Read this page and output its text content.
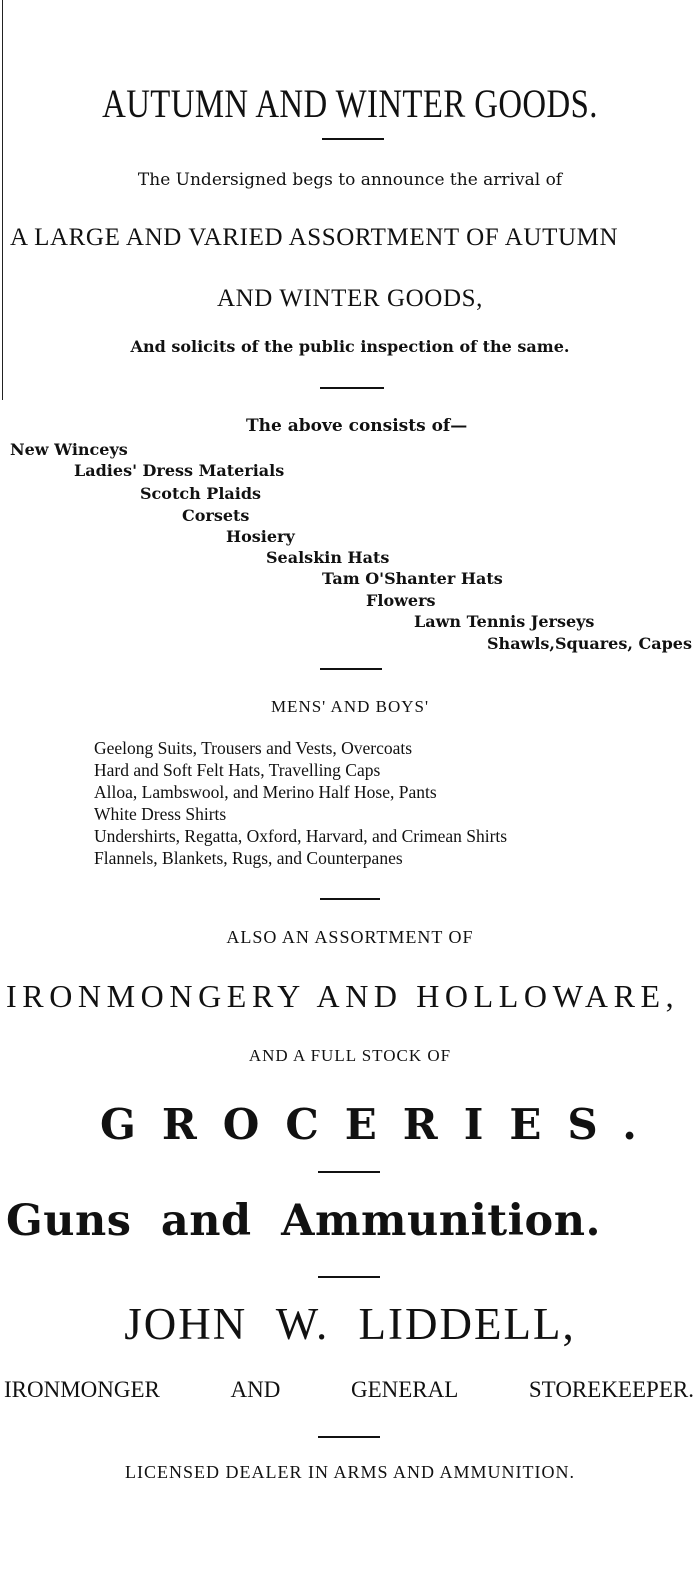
AUTUMN AND WINTER GOODS.
The Undersigned begs to announce the arrival of
A LARGE AND VARIED ASSORTMENT OF AUTUMN
AND WINTER GOODS,
And solicits of the public inspection of the same.
The above consists of—
New Winceys
Ladies' Dress Materials
Scotch Plaids
Corsets
Hosiery
Sealskin Hats
Tam O'Shanter Hats
Flowers
Lawn Tennis Jerseys
Shawls,Squares, Capes
MENS' AND BOYS'
Geelong Suits, Trousers and Vests, Overcoats
Hard and Soft Felt Hats, Travelling Caps
Alloa, Lambswool, and Merino Half Hose, Pants
White Dress Shirts
Undershirts, Regatta, Oxford, Harvard, and Crimean Shirts
Flannels, Blankets, Rugs, and Counterpanes
ALSO AN ASSORTMENT OF
IRONMONGERY AND HOLLOWARE,
AND A FULL STOCK OF
GROCERIES.
Guns and Ammunition.
JOHN W. LIDDELL,
IRONMONGER	AND	GENERAL	STOREKEEPER.
LICENSED DEALER IN ARMS AND AMMUNITION.
